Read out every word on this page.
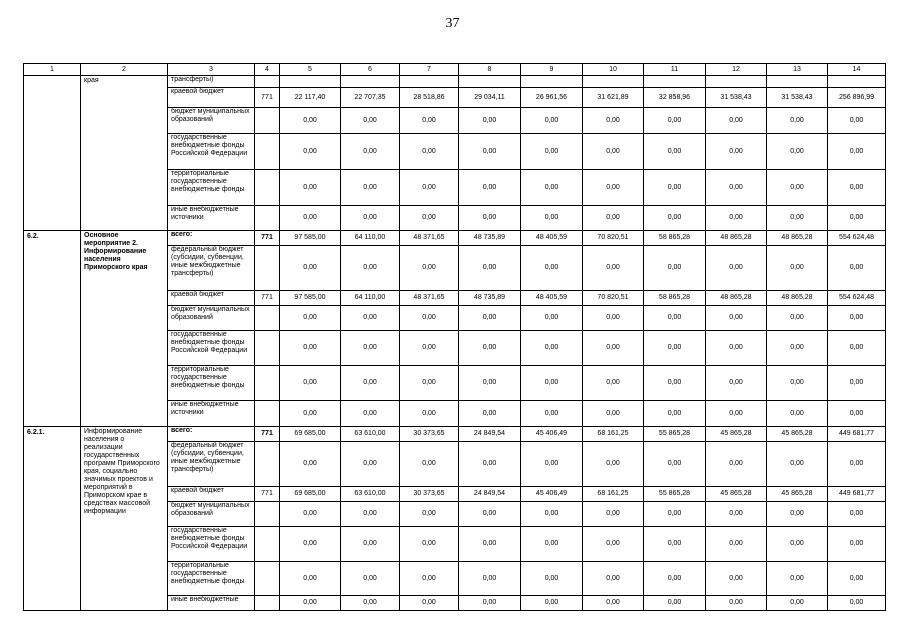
37
1	2	3	4	5	6	7	8	9	10	11	12	13	14
	края	трансферты)											
		краевой бюджет	771	22 117,40	22 707,35	28 518,86	29 034,11	26 961,56	31 621,89	32 858,96	31 538,43	31 538,43	256 896,99
		бюджет муниципальных образований		0,00	0,00	0,00	0,00	0,00	0,00	0,00	0,00	0,00	0,00
		государственные внебюджетные фонды Российской Федерации		0,00	0,00	0,00	0,00	0,00	0,00	0,00	0,00	0,00	0,00
		территориальные государственные внебюджетные фонды		0,00	0,00	0,00	0,00	0,00	0,00	0,00	0,00	0,00	0,00
		иные внебюджетные источники		0,00	0,00	0,00	0,00	0,00	0,00	0,00	0,00	0,00	0,00
6.2.	Основное мероприятие 2. Информирование населения Приморского края	всего:	771	97 585,00	64 110,00	48 371,65	48 735,89	48 405,59	70 820,51	58 865,28	48 865,28	48 865,28	554 624,48
		федеральный бюджет (субсидии, субвенции, иные межбюджетные трансферты)		0,00	0,00	0,00	0,00	0,00	0,00	0,00	0,00	0,00	0,00
		краевой бюджет	771	97 585,00	64 110,00	48 371,65	48 735,89	48 405,59	70 820,51	58 865,28	48 865,28	48 865,28	554 624,48
		бюджет муниципальных образований		0,00	0,00	0,00	0,00	0,00	0,00	0,00	0,00	0,00	0,00
		государственные внебюджетные фонды Российской Федерации		0,00	0,00	0,00	0,00	0,00	0,00	0,00	0,00	0,00	0,00
		территориальные государственные внебюджетные фонды		0,00	0,00	0,00	0,00	0,00	0,00	0,00	0,00	0,00	0,00
		иные внебюджетные источники		0,00	0,00	0,00	0,00	0,00	0,00	0,00	0,00	0,00	0,00
6.2.1.	Информирование населения о реализации государственных программ Приморского края, социально значимых проектов и мероприятий в Приморском крае в средствах массовой информации	всего:	771	69 685,00	63 610,00	30 373,65	24 849,54	45 406,49	68 161,25	55 865,28	45 865,28	45 865,28	449 681,77
		федеральный бюджет (субсидии, субвенции, иные межбюджетные трансферты)		0,00	0,00	0,00	0,00	0,00	0,00	0,00	0,00	0,00	0,00
		краевой бюджет	771	69 685,00	63 610,00	30 373,65	24 849,54	45 406,49	68 161,25	55 865,28	45 865,28	45 865,28	449 681,77
		бюджет муниципальных образований		0,00	0,00	0,00	0,00	0,00	0,00	0,00	0,00	0,00	0,00
		государственные внебюджетные фонды Российской Федерации		0,00	0,00	0,00	0,00	0,00	0,00	0,00	0,00	0,00	0,00
		территориальные государственные внебюджетные фонды		0,00	0,00	0,00	0,00	0,00	0,00	0,00	0,00	0,00	0,00
		иные внебюджетные		0,00	0,00	0,00	0,00	0,00	0,00	0,00	0,00	0,00	0,00
